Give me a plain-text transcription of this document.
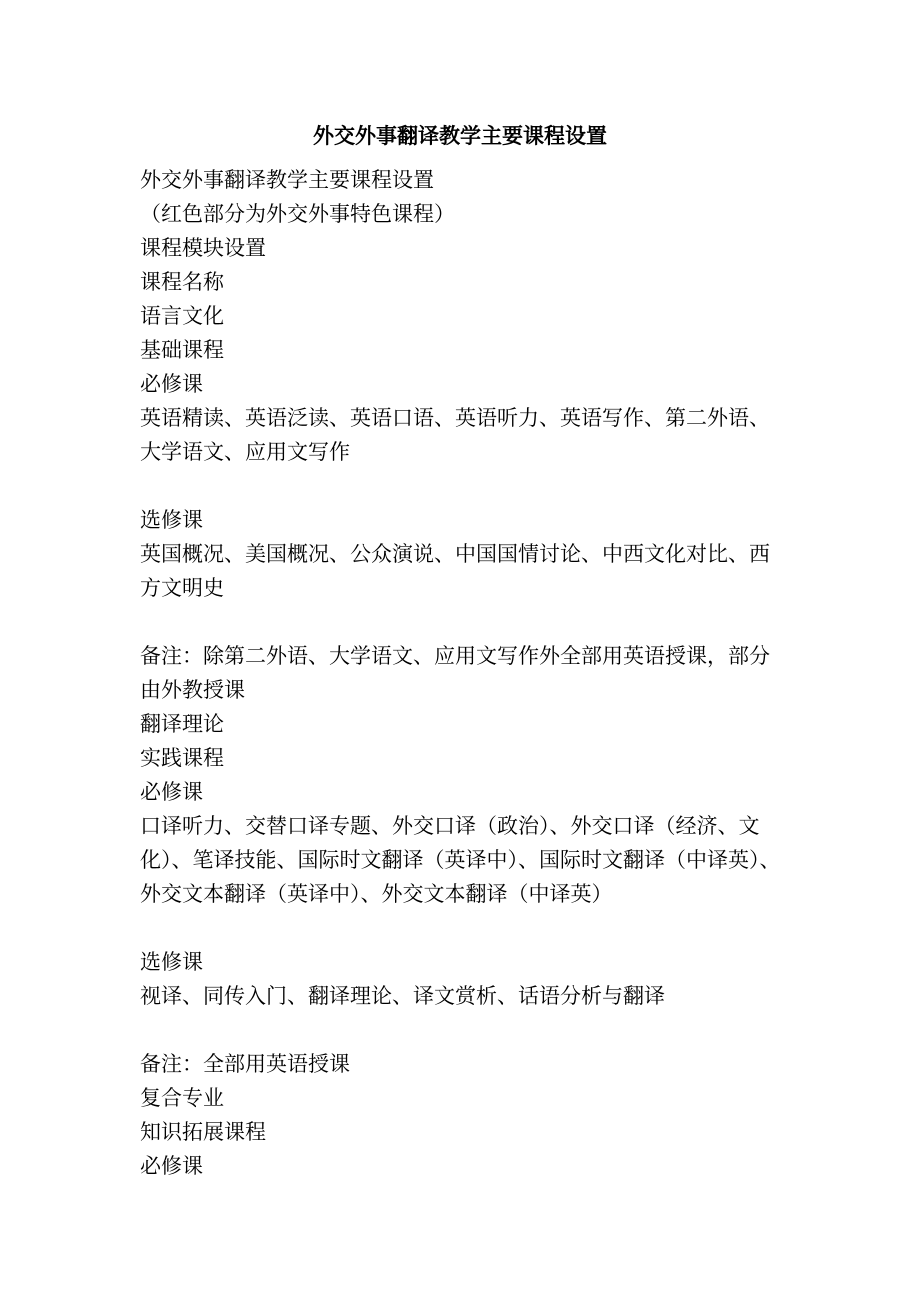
外交外事翻译教学主要课程设置
外交外事翻译教学主要课程设置
（红色部分为外交外事特色课程）
课程模块设置
课程名称
语言文化
基础课程
必修课
英语精读、英语泛读、英语口语、英语听力、英语写作、第二外语、大学语文、应用文写作
选修课
英国概况、美国概况、公众演说、中国国情讨论、中西文化对比、西方文明史
备注：除第二外语、大学语文、应用文写作外全部用英语授课，部分由外教授课
翻译理论
实践课程
必修课
口译听力、交替口译专题、外交口译（政治）、外交口译（经济、文化）、笔译技能、国际时文翻译（英译中）、国际时文翻译（中译英）、外交文本翻译（英译中）、外交文本翻译（中译英）
选修课
视译、同传入门、翻译理论、译文赏析、话语分析与翻译
备注：全部用英语授课
复合专业
知识拓展课程
必修课
